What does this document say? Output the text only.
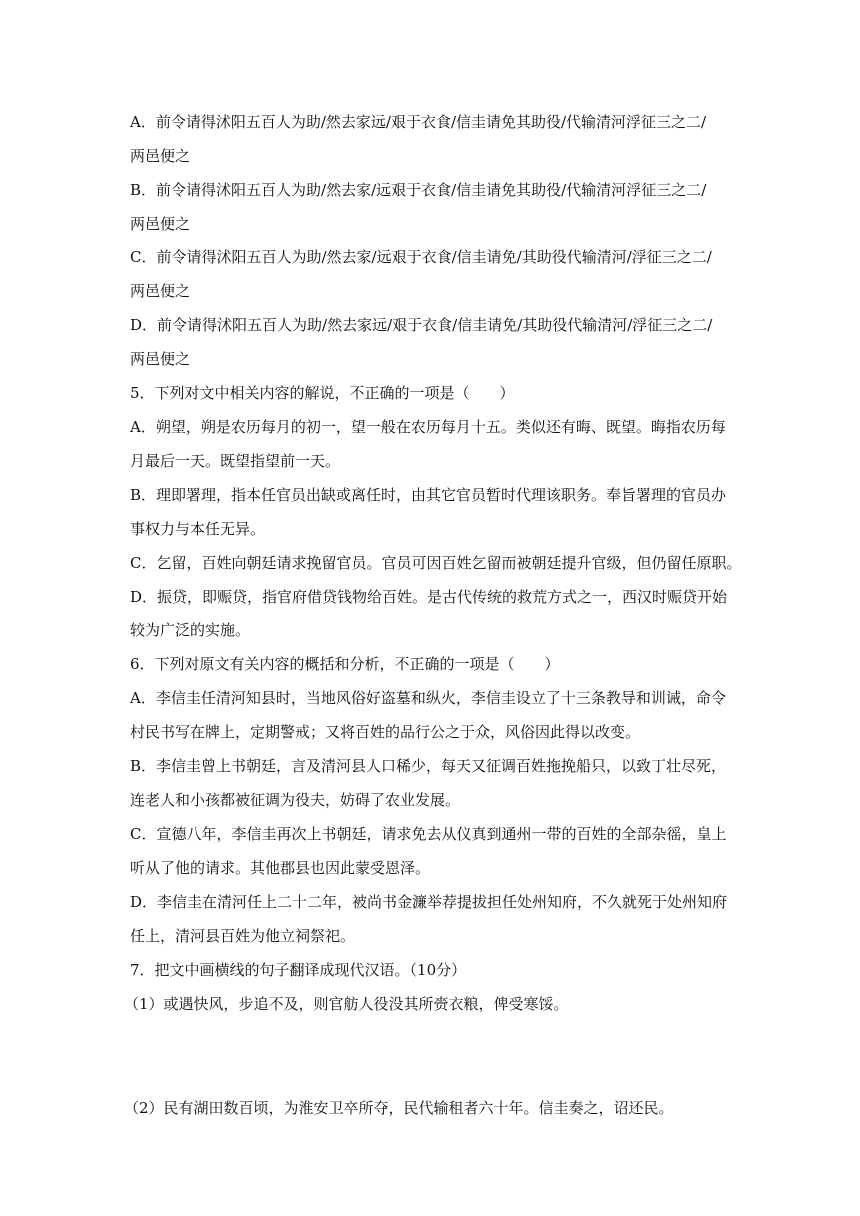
A．前令请得沭阳五百人为助/然去家远/艰于衣食/信圭请免其助役/代输清河浮征三之二/
两邑便之
B．前令请得沭阳五百人为助/然去家/远艰于衣食/信圭请免其助役/代输清河浮征三之二/
两邑便之
C．前令请得沭阳五百人为助/然去家/远艰于衣食/信圭请免/其助役代输清河/浮征三之二/
两邑便之
D．前令请得沭阳五百人为助/然去家远/艰于衣食/信圭请免/其助役代输清河/浮征三之二/
两邑便之
5．下列对文中相关内容的解说，不正确的一项是（　　）
A．朔望，朔是农历每月的初一，望一般在农历每月十五。类似还有晦、既望。晦指农历每
月最后一天。既望指望前一天。
B．理即署理，指本任官员出缺或离任时，由其它官员暂时代理该职务。奉旨署理的官员办
事权力与本任无异。
C．乞留，百姓向朝廷请求挽留官员。官员可因百姓乞留而被朝廷提升官级，但仍留任原职。
D．振贷，即赈贷，指官府借贷钱物给百姓。是古代传统的救荒方式之一，西汉时赈贷开始
较为广泛的实施。
6．下列对原文有关内容的概括和分析，不正确的一项是（　　）
A．李信圭任清河知县时，当地风俗好盗墓和纵火，李信圭设立了十三条教导和训诫，命令
村民书写在牌上，定期警戒；又将百姓的品行公之于众，风俗因此得以改变。
B．李信圭曾上书朝廷，言及清河县人口稀少，每天又征调百姓拖挽船只，以致丁壮尽死，
连老人和小孩都被征调为役夫，妨碍了农业发展。
C．宣德八年，李信圭再次上书朝廷，请求免去从仪真到通州一带的百姓的全部杂徭，皇上
听从了他的请求。其他郡县也因此蒙受恩泽。
D．李信圭在清河任上二十二年，被尚书金濂举荐提拔担任处州知府，不久就死于处州知府
任上，清河县百姓为他立祠祭祀。
7．把文中画横线的句子翻译成现代汉语。（10分）
（1）或遇快风，步追不及，则官舫人役没其所赍衣粮，俾受寒馁。
（2）民有湖田数百顷，为淮安卫卒所夺，民代输租者六十年。信圭奏之，诏还民。
